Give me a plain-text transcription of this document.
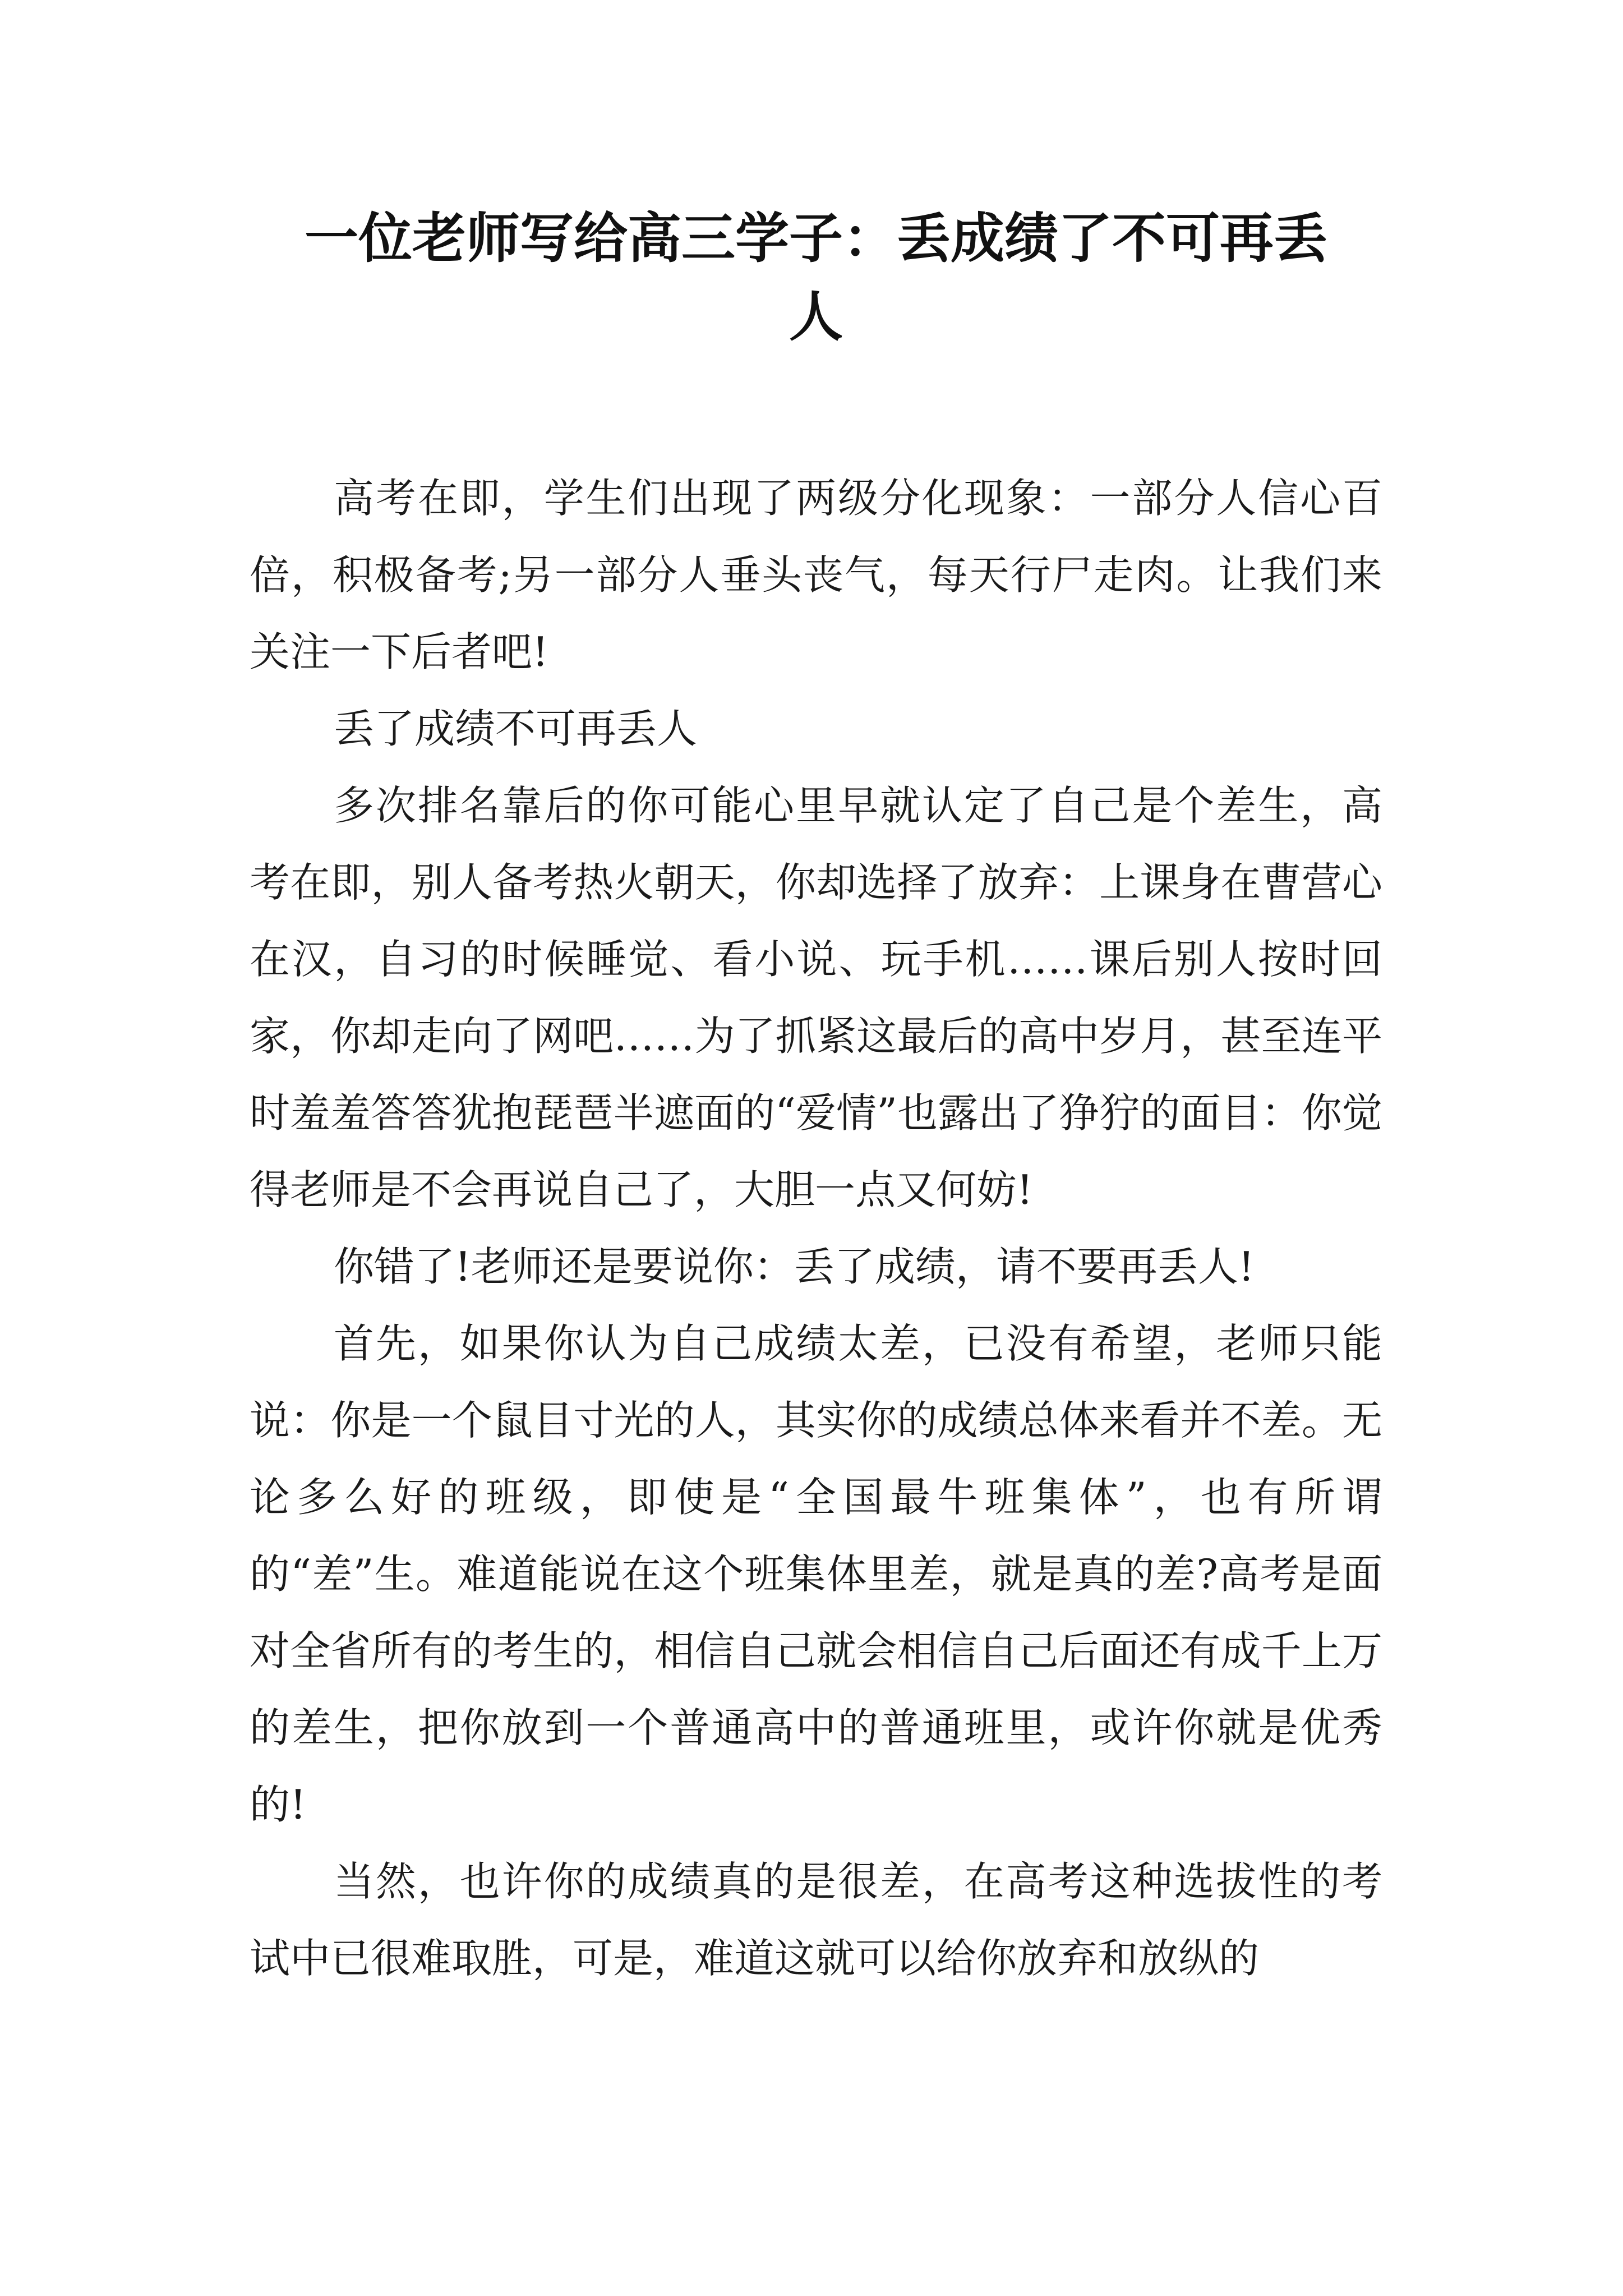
一位老师写给高三学子：丢成绩了不可再丢
人

高考在即，学生们出现了两级分化现象：一部分人信心百倍，积极备考;另一部分人垂头丧气，每天行尸走肉。让我们来关注一下后者吧!

丢了成绩不可再丢人

多次排名靠后的你可能心里早就认定了自己是个差生，高考在即，别人备考热火朝天，你却选择了放弃：上课身在曹营心在汉，自习的时候睡觉、看小说、玩手机……课后别人按时回家，你却走向了网吧……为了抓紧这最后的高中岁月，甚至连平时羞羞答答犹抱琵琶半遮面的“爱情”也露出了狰狞的面目：你觉得老师是不会再说自己了，大胆一点又何妨!

你错了!老师还是要说你：丢了成绩，请不要再丢人!

首先，如果你认为自己成绩太差，已没有希望，老师只能说：你是一个鼠目寸光的人，其实你的成绩总体来看并不差。无论多么好的班级，即使是“全国最牛班集体”，也有所谓的“差”生。难道能说在这个班集体里差，就是真的差?高考是面对全省所有的考生的，相信自己就会相信自己后面还有成千上万的差生，把你放到一个普通高中的普通班里，或许你就是优秀的!

当然，也许你的成绩真的是很差，在高考这种选拔性的考试中已很难取胜，可是，难道这就可以给你放弃和放纵的
